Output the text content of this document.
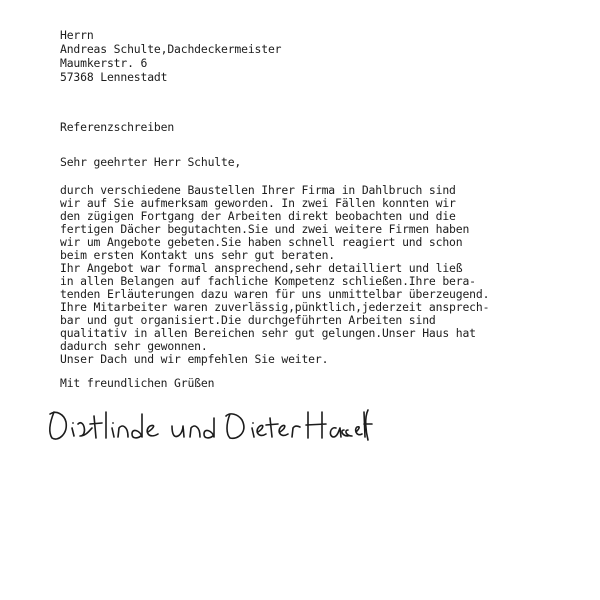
Herrn

Andreas Schulte,Dachdeckermeister

Maumkerstr. 6

57368 Lennestadt

Referenzschreiben

Sehr geehrter Herr Schulte,

durch verschiedene Baustellen Ihrer Firma in Dahlbruch sind

wir auf Sie aufmerksam geworden. In zwei Fällen konnten wir

den zügigen Fortgang der Arbeiten direkt beobachten und die

fertigen Dächer begutachten.Sie und zwei weitere Firmen haben

wir um Angebote gebeten.Sie haben schnell reagiert und schon

beim ersten Kontakt uns sehr gut beraten.

Ihr Angebot war formal ansprechend,sehr detailliert und ließ

in allen Belangen auf fachliche Kompetenz schließen.Ihre bera-

tenden Erläuterungen dazu waren für uns unmittelbar überzeugend.

Ihre Mitarbeiter waren zuverlässig,pünktlich,jederzeit ansprech-

bar und gut organisiert.Die durchgeführten Arbeiten sind

qualitativ in allen Bereichen sehr gut gelungen.Unser Haus hat

dadurch sehr gewonnen.

Unser Dach und wir empfehlen Sie weiter.

Mit freundlichen Grüßen
